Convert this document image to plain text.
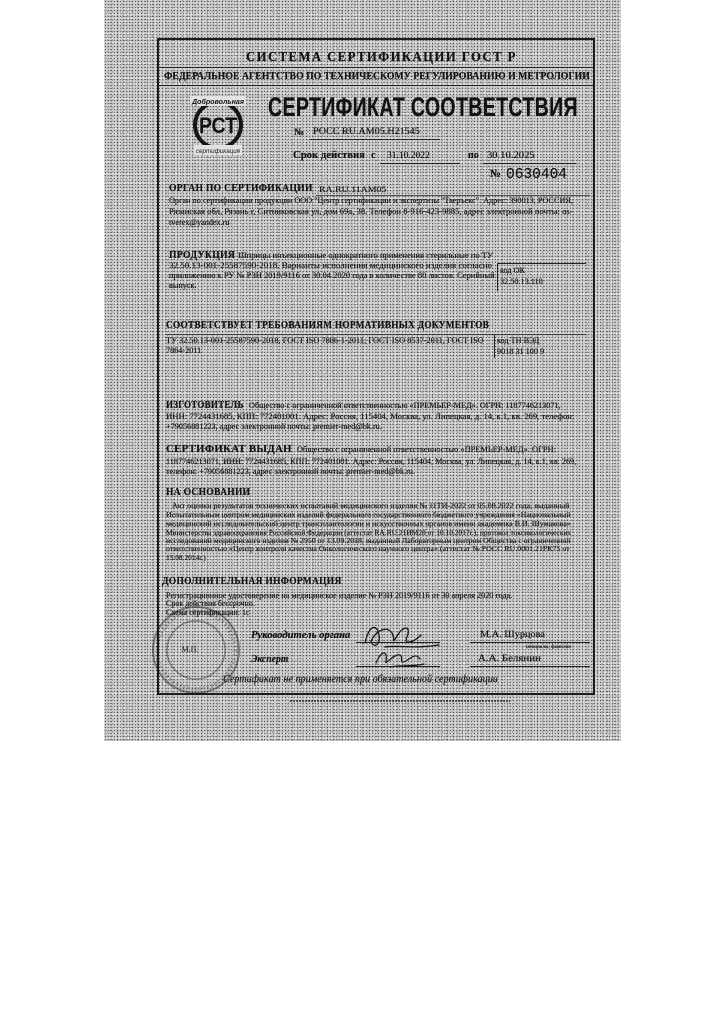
СИСТЕМА СЕРТИФИКАЦИИ ГОСТ Р
ФЕДЕРАЛЬНОЕ АГЕНТСТВО ПО ТЕХНИЧЕСКОМУ РЕГУЛИРОВАНИЮ И МЕТРОЛОГИИ
Добровольная
РСТ
сертификация
СЕРТИФИКАТ СООТВЕТСТВИЯ
№ РОСС RU.AM05.H21545
Срок действия с 31.10.2022	по 30.10.2025
№ 0630404
ОРГАН ПО СЕРТИФИКАЦИИ RA.RU.11AM05
Орган по сертификации продукции ООО "Центр сертификации и экспертизы "Тверъекс". Адрес: 390013, РОССИЯ,
Рязанская обл, Рязань г, Ситниковская ул, дом 69а, 38. Телефон 8-916-423-9885, адрес электронной почты: os-
tverex@yandex.ru
ПРОДУКЦИЯ Шприцы инъекционные однократного применения стерильные по ТУ
32.50.13-001-25587590-2018. Варианты исполнения медицинского изделия согласно
приложению к РУ № РЗН 2019/9116 от 30.04.2020 года в количестве 80 листов. Серийный
выпуск.
код ОК
32.50.13.110
СООТВЕТСТВУЕТ ТРЕБОВАНИЯМ НОРМАТИВНЫХ ДОКУМЕНТОВ
ТУ 32.50.13-001-25587590-2018, ГОСТ ISO 7886-1-2011; ГОСТ ISO 8537-2011, ГОСТ ISO
7864-2011
код ТН ВЭД
9018 31 100 9
ИЗГОТОВИТЕЛЬ Общество с ограниченной ответственностью «ПРЕМЬЕР-МЕД». ОГРН: 1187746213071,
ИНН: 7724431685, КПП: 772401001. Адрес: Россия, 115404, Москва, ул. Липецкая, д. 14, к.1, кв. 269, телефон:
+79056881223, адрес электронной почты: premier-med@bk.ru.
СЕРТИФИКАТ ВЫДАН Общество с ограниченной ответственностью «ПРЕМЬЕР-МЕД». ОГРН:
1187746213071, ИНН: 7724431685, КПП: 772401001. Адрес: Россия, 115404, Москва, ул. Липецкая, д. 14, к.1, кв. 269,
телефон: +79056881223, адрес электронной почты: premier-med@bk.ru.
НА ОСНОВАНИИ
Акт оценки результатов технических испытаний медицинского изделия № 11ТИ-2022 от 05.08.2022 года, выданный
Испытательным центром медицинских изделий федерального государственного бюджетного учреждения «Национальный
медицинский исследовательский центр трансплантологии и искусственных органов имени академика В.И. Шумакова»
Министерства здравоохранения Российской Федерации (аттестат RA.RU.21ИМ28 от 10.10.2017г.), протокол токсикологических
исследований медицинского изделия № 2950 от 13.09.2018, выданный Лабораторным центром Общества с ограниченной
ответственностью «Центр контроля качества Онкологического научного центра» (аттестат № РОСС RU.0001.21РК75 от
15.08.2014г.)
ДОПОЛНИТЕЛЬНАЯ ИНФОРМАЦИЯ
Регистрационное удостоверение на медицинское изделие № РЗН 2019/9116 от 30 апреля 2020 года.
Срок действия бессрочно.
Схема сертификации: 1с
М.П.
Руководитель органа	М.А. Шурцова
инициалы, фамилия
Эксперт	А.А. Белянин
Сертификат не применяется при обязательной сертификации
